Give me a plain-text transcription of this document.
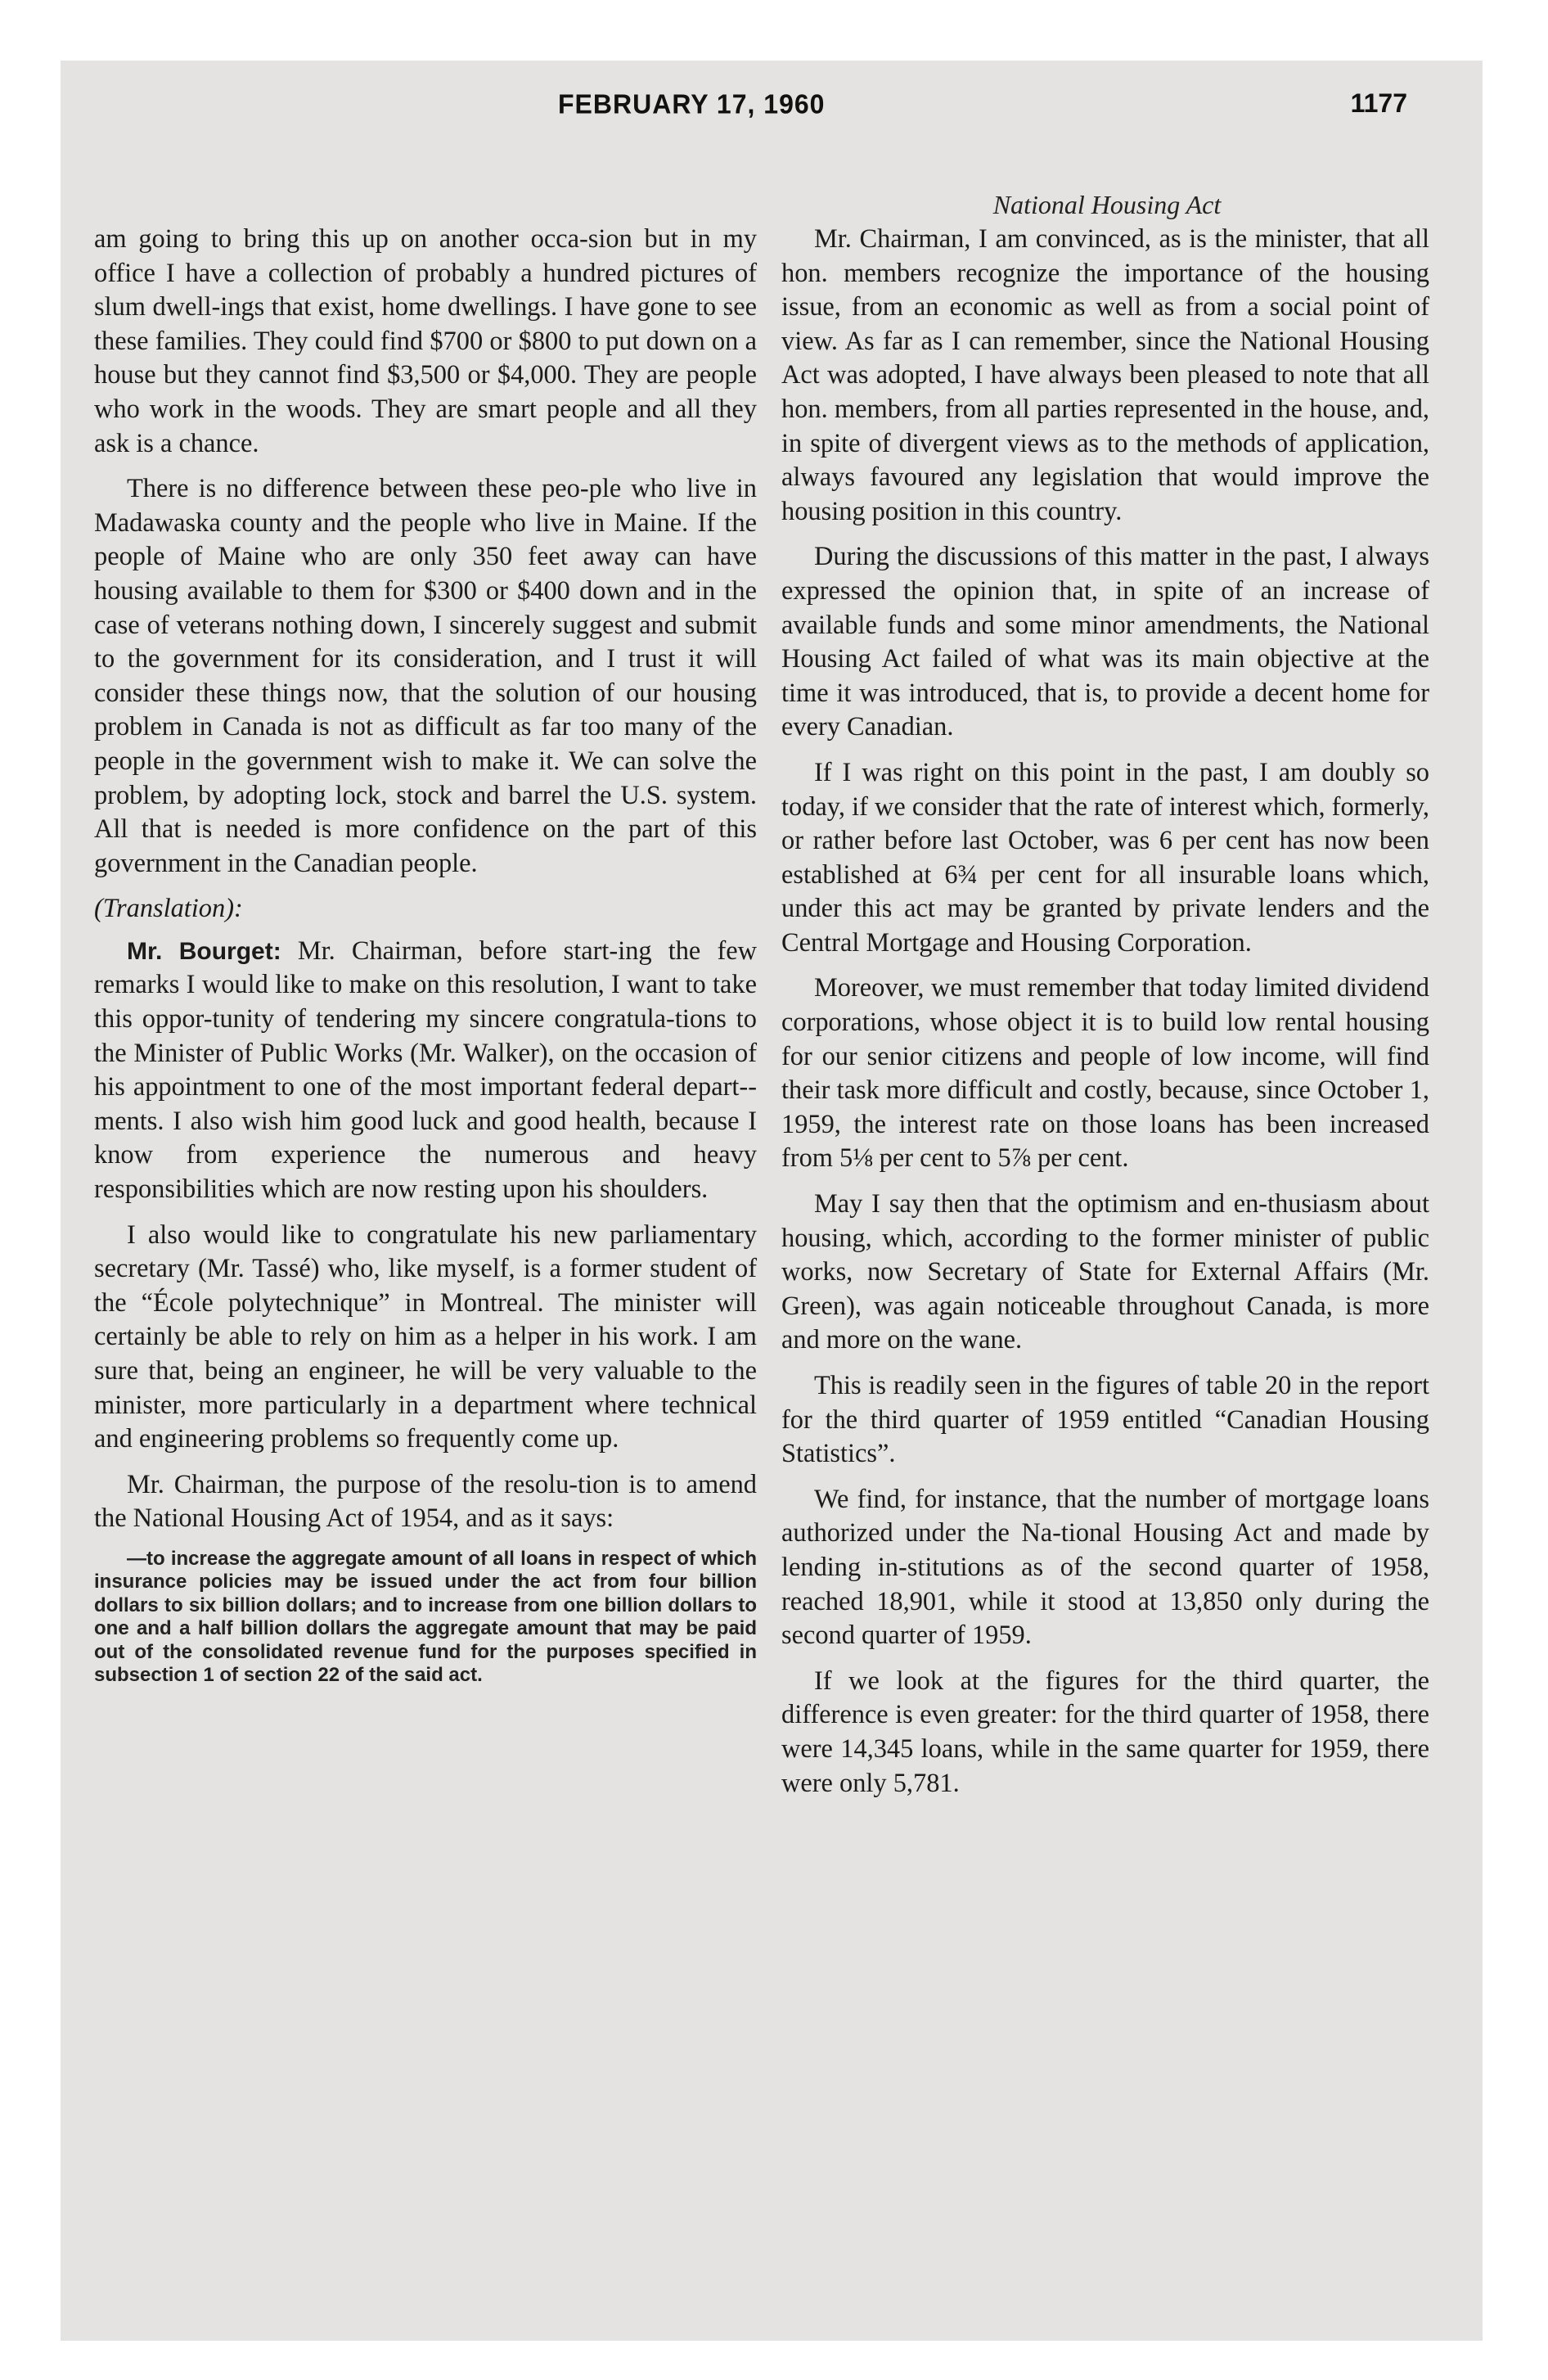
FEBRUARY 17, 1960	1177
National Housing Act

am going to bring this up on another occa-sion but in my office I have a collection of probably a hundred pictures of slum dwell-ings that exist, home dwellings. I have gone to see these families. They could find $700 or $800 to put down on a house but they cannot find $3,500 or $4,000. They are people who work in the woods. They are smart people and all they ask is a chance.

There is no difference between these peo-ple who live in Madawaska county and the people who live in Maine. If the people of Maine who are only 350 feet away can have housing available to them for $300 or $400 down and in the case of veterans nothing down, I sincerely suggest and submit to the government for its consideration, and I trust it will consider these things now, that the solution of our housing problem in Canada is not as difficult as far too many of the people in the government wish to make it. We can solve the problem, by adopting lock, stock and barrel the U.S. system. All that is needed is more confidence on the part of this government in the Canadian people.

(Translation):

Mr. Bourget: Mr. Chairman, before start-ing the few remarks I would like to make on this resolution, I want to take this oppor-tunity of tendering my sincere congratula-tions to the Minister of Public Works (Mr. Walker), on the occasion of his appointment to one of the most important federal depart-ments. I also wish him good luck and good health, because I know from experience the numerous and heavy responsibilities which are now resting upon his shoulders.

I also would like to congratulate his new parliamentary secretary (Mr. Tassé) who, like myself, is a former student of the “École polytechnique” in Montreal. The minister will certainly be able to rely on him as a helper in his work. I am sure that, being an engineer, he will be very valuable to the minister, more particularly in a department where technical and engineering problems so frequently come up.

Mr. Chairman, the purpose of the resolu-tion is to amend the National Housing Act of 1954, and as it says:

—to increase the aggregate amount of all loans in respect of which insurance policies may be issued under the act from four billion dollars to six billion dollars; and to increase from one billion dollars to one and a half billion dollars the aggregate amount that may be paid out of the consolidated revenue fund for the purposes specified in subsection 1 of section 22 of the said act.

Mr. Chairman, I am convinced, as is the minister, that all hon. members recognize the importance of the housing issue, from an economic as well as from a social point of view. As far as I can remember, since the National Housing Act was adopted, I have always been pleased to note that all hon. members, from all parties represented in the house, and, in spite of divergent views as to the methods of application, always favoured any legislation that would improve the housing position in this country.

During the discussions of this matter in the past, I always expressed the opinion that, in spite of an increase of available funds and some minor amendments, the National Housing Act failed of what was its main objective at the time it was introduced, that is, to provide a decent home for every Canadian.

If I was right on this point in the past, I am doubly so today, if we consider that the rate of interest which, formerly, or rather before last October, was 6 per cent has now been established at 6¾ per cent for all insurable loans which, under this act may be granted by private lenders and the Central Mortgage and Housing Corporation.

Moreover, we must remember that today limited dividend corporations, whose object it is to build low rental housing for our senior citizens and people of low income, will find their task more difficult and costly, because, since October 1, 1959, the interest rate on those loans has been increased from 5⅛ per cent to 5⅞ per cent.

May I say then that the optimism and en-thusiasm about housing, which, according to the former minister of public works, now Secretary of State for External Affairs (Mr. Green), was again noticeable throughout Canada, is more and more on the wane.

This is readily seen in the figures of table 20 in the report for the third quarter of 1959 entitled “Canadian Housing Statistics”.

We find, for instance, that the number of mortgage loans authorized under the Na-tional Housing Act and made by lending in-stitutions as of the second quarter of 1958, reached 18,901, while it stood at 13,850 only during the second quarter of 1959.

If we look at the figures for the third quarter, the difference is even greater: for the third quarter of 1958, there were 14,345 loans, while in the same quarter for 1959, there were only 5,781.
